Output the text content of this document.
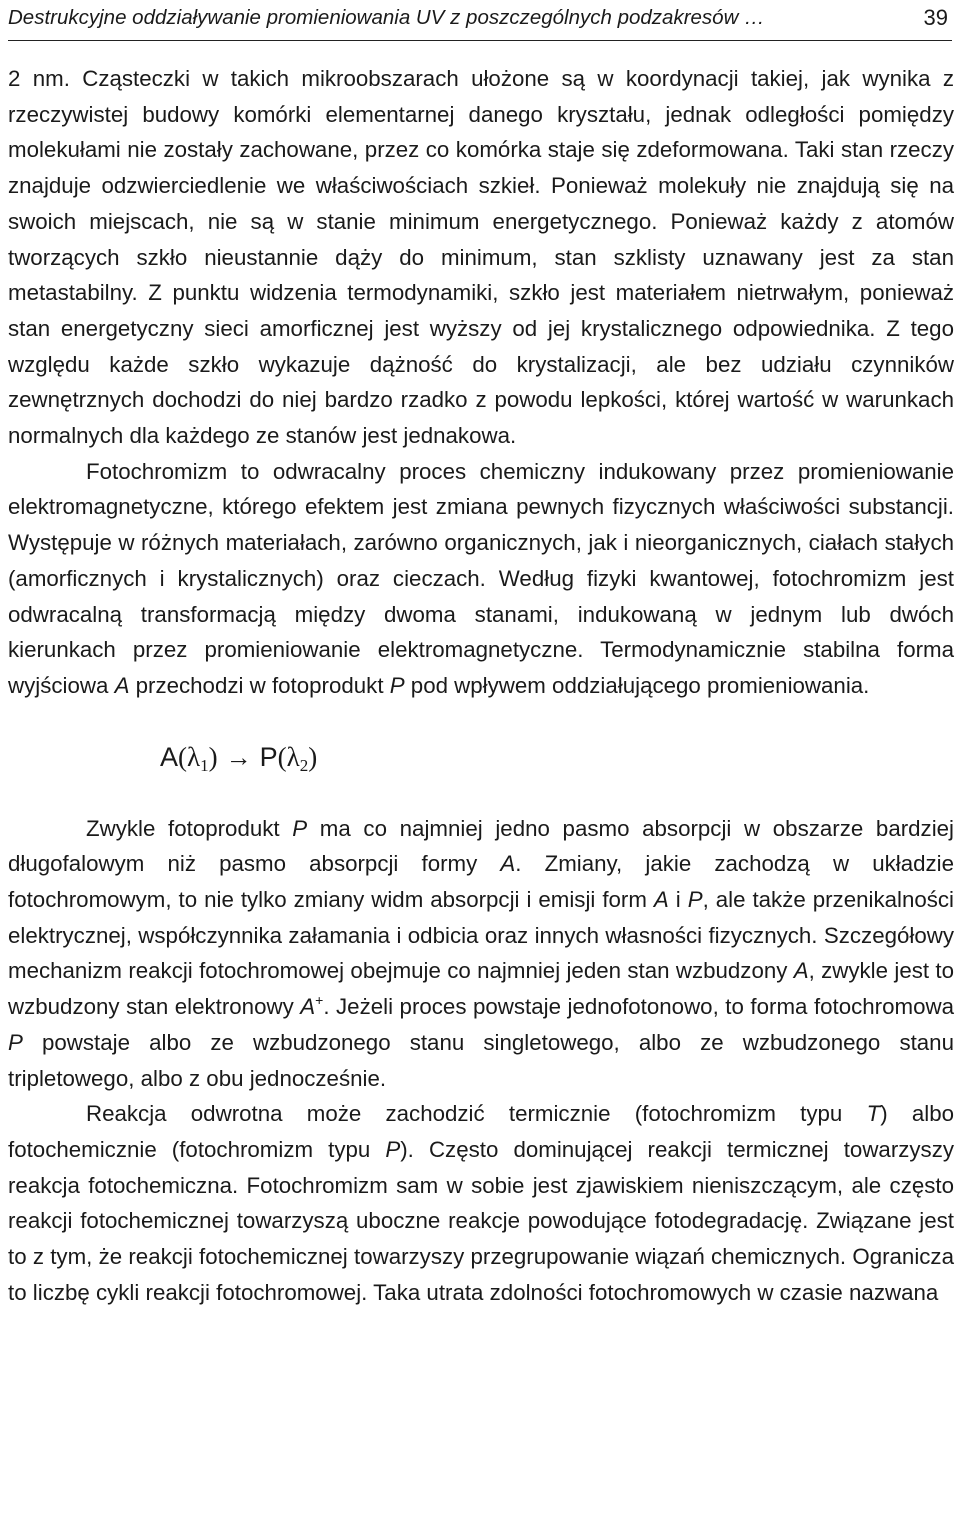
Destrukcyjne oddziaływanie promieniowania UV z poszczególnych podzakresów …	39

2 nm. Cząsteczki w takich mikroobszarach ułożone są w koordynacji takiej, jak wynika z rzeczywistej budowy komórki elementarnej danego kryształu, jednak odległości pomiędzy molekułami nie zostały zachowane, przez co komórka staje się zdeformowana. Taki stan rzeczy znajduje odzwierciedlenie we właściwościach szkieł. Ponieważ molekuły nie znajdują się na swoich miejscach, nie są w stanie minimum energetycznego. Ponieważ każdy z atomów tworzących szkło nieustannie dąży do minimum, stan szklisty uznawany jest za stan metastabilny. Z punktu widzenia termodynamiki, szkło jest materiałem nietrwałym, ponieważ stan energetyczny sieci amorficznej jest wyższy od jej krystalicznego odpowiednika. Z tego względu każde szkło wykazuje dążność do krystalizacji, ale bez udziału czynników zewnętrznych dochodzi do niej bardzo rzadko z powodu lepkości, której wartość w warunkach normalnych dla każdego ze stanów jest jednakowa.

Fotochromizm to odwracalny proces chemiczny indukowany przez promieniowanie elektromagnetyczne, którego efektem jest zmiana pewnych fizycznych właściwości substancji. Występuje w różnych materiałach, zarówno organicznych, jak i nieorganicznych, ciałach stałych (amorficznych i krystalicznych) oraz cieczach. Według fizyki kwantowej, fotochromizm jest odwracalną transformacją między dwoma stanami, indukowaną w jednym lub dwóch kierunkach przez promieniowanie elektromagnetyczne. Termodynamicznie stabilna forma wyjściowa A przechodzi w fotoprodukt P pod wpływem oddziałującego promieniowania.

$A(\lambda_1) \to P(\lambda_2)$

Zwykle fotoprodukt P ma co najmniej jedno pasmo absorpcji w obszarze bardziej długofalowym niż pasmo absorpcji formy A. Zmiany, jakie zachodzą w układzie fotochromowym, to nie tylko zmiany widm absorpcji i emisji form A i P, ale także przenikalności elektrycznej, współczynnika załamania i odbicia oraz innych własności fizycznych. Szczegółowy mechanizm reakcji fotochromowej obejmuje co najmniej jeden stan wzbudzony A, zwykle jest to wzbudzony stan elektronowy A+. Jeżeli proces powstaje jednofotonowo, to forma fotochromowa P powstaje albo ze wzbudzonego stanu singletowego, albo ze wzbudzonego stanu tripletowego, albo z obu jednocześnie.

Reakcja odwrotna może zachodzić termicznie (fotochromizm typu T) albo fotochemicznie (fotochromizm typu P). Często dominującej reakcji termicznej towarzyszy reakcja fotochemiczna. Fotochromizm sam w sobie jest zjawiskiem nieniszczącym, ale często reakcji fotochemicznej towarzyszą uboczne reakcje powodujące fotodegradację. Związane jest to z tym, że reakcji fotochemicznej towarzyszy przegrupowanie wiązań chemicznych. Ogranicza to liczbę cykli reakcji fotochromowej. Taka utrata zdolności fotochromowych w czasie nazwana
